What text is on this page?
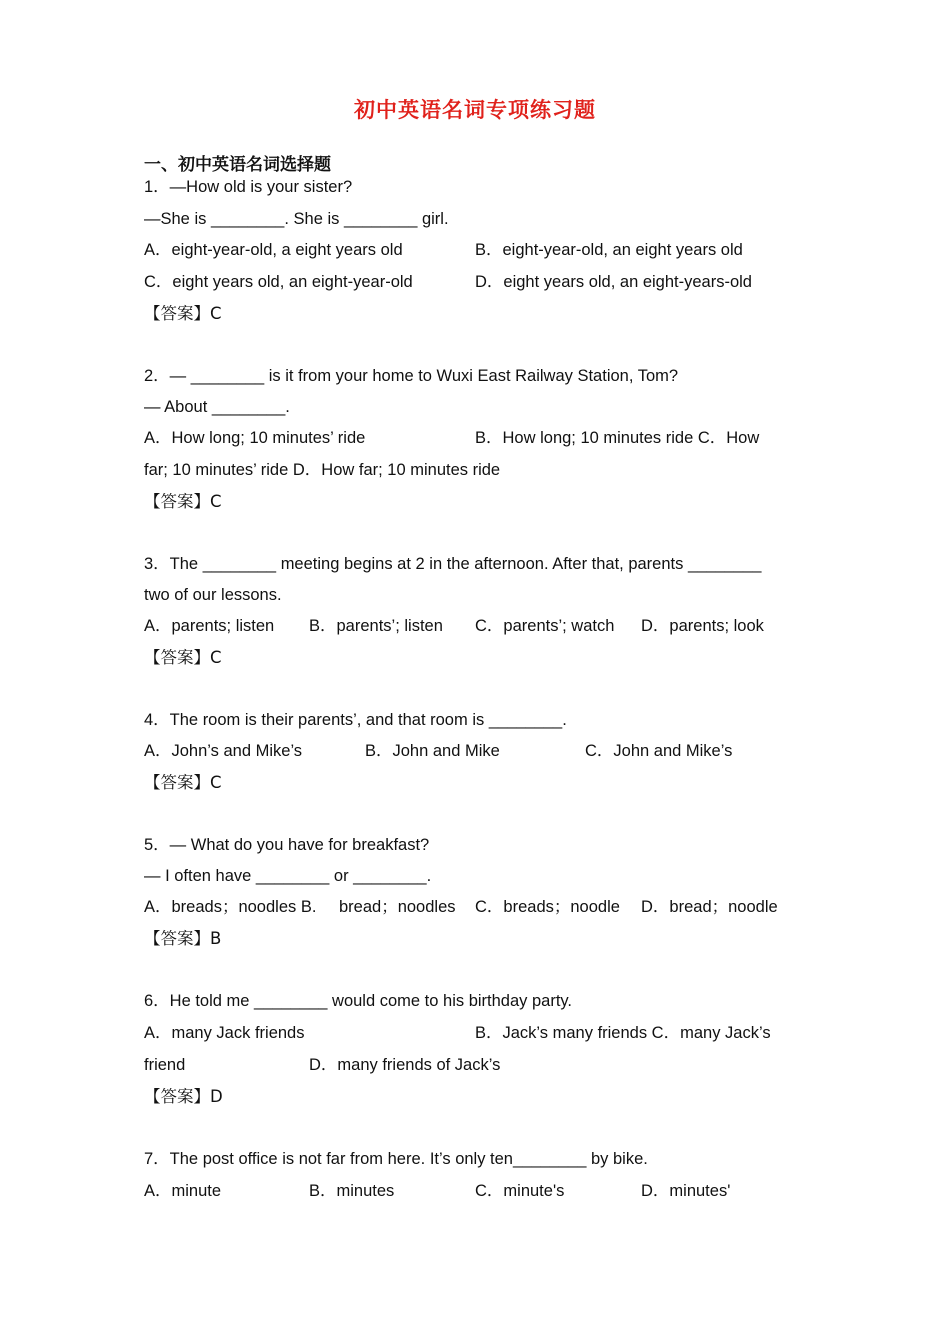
初中英语名词专项练习题
一、初中英语名词选择题
1．—How old is your sister?
—She is ________. She is ________ girl.
A．eight-year-old, a eight years old	B．eight-year-old, an eight years old
C．eight years old, an eight-year-old	D．eight years old, an eight-years-old
【答案】C
2．— ________ is it from your home to Wuxi East Railway Station, Tom?
— About ________.
A．How long; 10 minutes’ ride	B．How long; 10 minutes ride C．How
far; 10 minutes’ ride D．How far; 10 minutes ride
【答案】C
3．The ________ meeting begins at 2 in the afternoon. After that, parents ________
two of our lessons.
A．parents; listen B．parents’; listen C．parents’; watch D．parents; look
【答案】C
4．The room is their parents’, and that room is ________.
A．John’s and Mike’s	B．John and Mike	C．John and Mike’s
【答案】C
5．— What do you have for breakfast?
— I often have ________ or ________.
A．breads；noodles B. bread；noodles C．breads；noodle D．bread；noodle
【答案】B
6．He told me ________ would come to his birthday party.
A．many Jack friends	B．Jack’s many friends C．many Jack’s
friend	D．many friends of Jack’s
【答案】D
7．The post office is not far from here. It’s only ten________ by bike.
A．minute	B．minutes	C．minute's	D．minutes'
